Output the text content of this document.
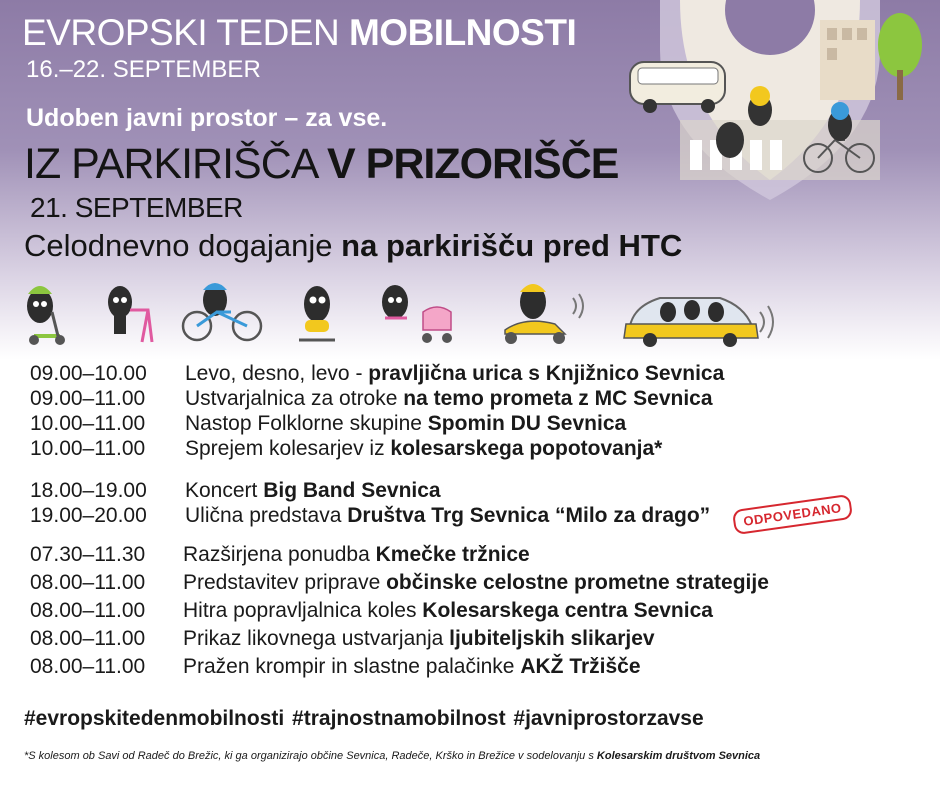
EVROPSKI TEDEN MOBILNOSTI
16.–22. SEPTEMBER
Udoben javni prostor – za vse.
IZ PARKIRIŠČA V PRIZORIŠČE
21. SEPTEMBER
Celodnevno dogajanje na parkirišču pred HTC
09.00–10.00	Levo, desno, levo - pravljična urica s Knjižnico Sevnica
09.00–11.00	Ustvarjalnica za otroke na temo prometa z MC Sevnica
10.00–11.00	Nastop Folklorne skupine Spomin DU Sevnica
10.00–11.00	Sprejem kolesarjev iz kolesarskega popotovanja*
18.00–19.00	Koncert Big Band Sevnica
19.00–20.00	Ulična predstava Društva Trg Sevnica “Milo za drago”
07.30–11.30	Razširjena ponudba Kmečke tržnice
08.00–11.00	Predstavitev priprave občinske celostne prometne strategije
08.00–11.00	Hitra popravljalnica koles Kolesarskega centra Sevnica
08.00–11.00	Prikaz likovnega ustvarjanja ljubiteljskih slikarjev
08.00–11.00	Pražen krompir in slastne palačinke AKŽ Tržišče
ODPOVEDANO
#evropskitedenmobilnosti #trajnostnamobilnost #javniprostorzavse
*S kolesom ob Savi od Radeč do Brežic, ki ga organizirajo občine Sevnica, Radeče, Krško in Brežice v sodelovanju s Kolesarskim društvom Sevnica
